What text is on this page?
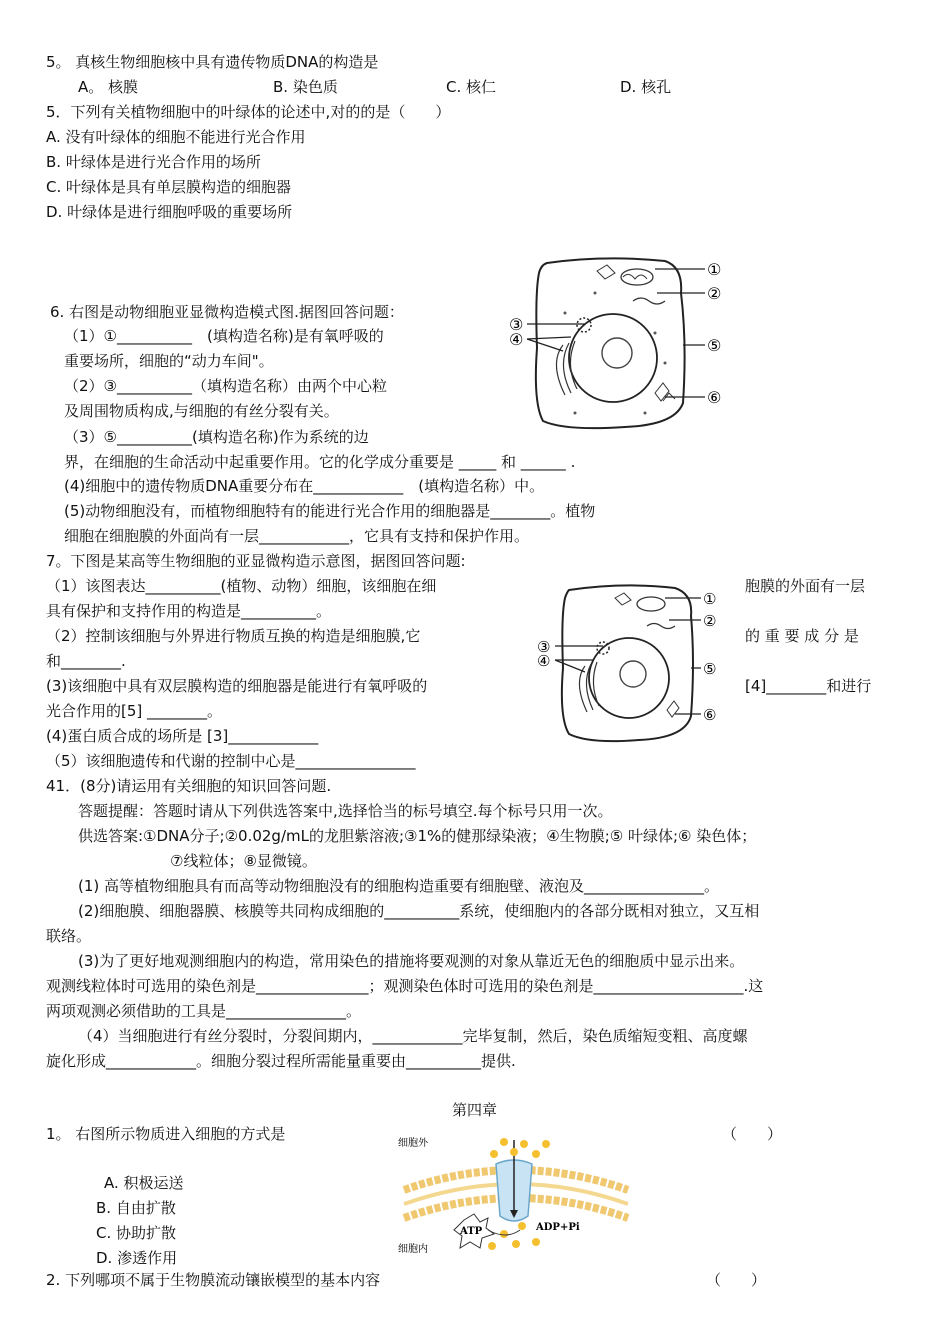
5。 真核生物细胞核中具有遗传物质DNA的构造是
A。 核膜	B. 染色质	C. 核仁	D. 核孔
5．下列有关植物细胞中的叶绿体的论述中,对的的是（　　）
A. 没有叶绿体的细胞不能进行光合作用
B. 叶绿体是进行光合作用的场所
C. 叶绿体是具有单层膜构造的细胞器
D. 叶绿体是进行细胞呼吸的重要场所
①
②
③
④	⑤
⑥
6. 右图是动物细胞亚显微构造模式图.据图回答问题：
（1）①__________　(填构造名称)是有氧呼吸的
重要场所，细胞的“动力车间"。
（2）③__________（填构造名称）由两个中心粒
及周围物质构成,与细胞的有丝分裂有关。
（3）⑤__________(填构造名称)作为系统的边
界，在细胞的生命活动中起重要作用。它的化学成分重要是 _____ 和 ______ .
(4)细胞中的遗传物质DNA重要分布在____________　(填构造名称）中。
(5)动物细胞没有，而植物细胞特有的能进行光合作用的细胞器是________。植物
细胞在细胞膜的外面尚有一层____________，它具有支持和保护作用。
7。下图是某高等生物细胞的亚显微构造示意图，据图回答问题:
（1）该图表达__________(植物、动物）细胞，该细胞在细	胞膜的外面有一层
具有保护和支持作用的构造是__________。
（2）控制该细胞与外界进行物质互换的构造是细胞膜,它	的 重 要 成 分 是
和________.
(3)该细胞中具有双层膜构造的细胞器是能进行有氧呼吸的	[4]________和进行
光合作用的[5] ________。
(4)蛋白质合成的场所是 [3]____________
（5）该细胞遗传和代谢的控制中心是________________
①
②
③
④	⑤
⑥
41．(8分)请运用有关细胞的知识回答问题.
答题提醒：答题时请从下列供选答案中,选择恰当的标号填空.每个标号只用一次。
供选答案:①DNA分子;②0.02g/mL的龙胆紫溶液;③1%的健那绿染液；④生物膜;⑤ 叶绿体;⑥ 染色体；
⑦线粒体；⑧显微镜。
(1) 高等植物细胞具有而高等动物细胞没有的细胞构造重要有细胞壁、液泡及________________。
(2)细胞膜、细胞器膜、核膜等共同构成细胞的__________系统，使细胞内的各部分既相对独立，又互相
联络。
(3)为了更好地观测细胞内的构造，常用染色的措施将要观测的对象从靠近无色的细胞质中显示出来。
观测线粒体时可选用的染色剂是_______________；观测染色体时可选用的染色剂是____________________.这
两项观测必须借助的工具是________________。
（4）当细胞进行有丝分裂时，分裂间期内，____________完毕复制，然后，染色质缩短变粗、高度螺
旋化形成____________。细胞分裂过程所需能量重要由__________提供.
第四章
1。 右图所示物质进入细胞的方式是	（　　）
A. 积极运送
B. 自由扩散
C. 协助扩散
D. 渗透作用
细胞外
细胞内
ATP	ADP+Pi
2. 下列哪项不属于生物膜流动镶嵌模型的基本内容	（　　）
